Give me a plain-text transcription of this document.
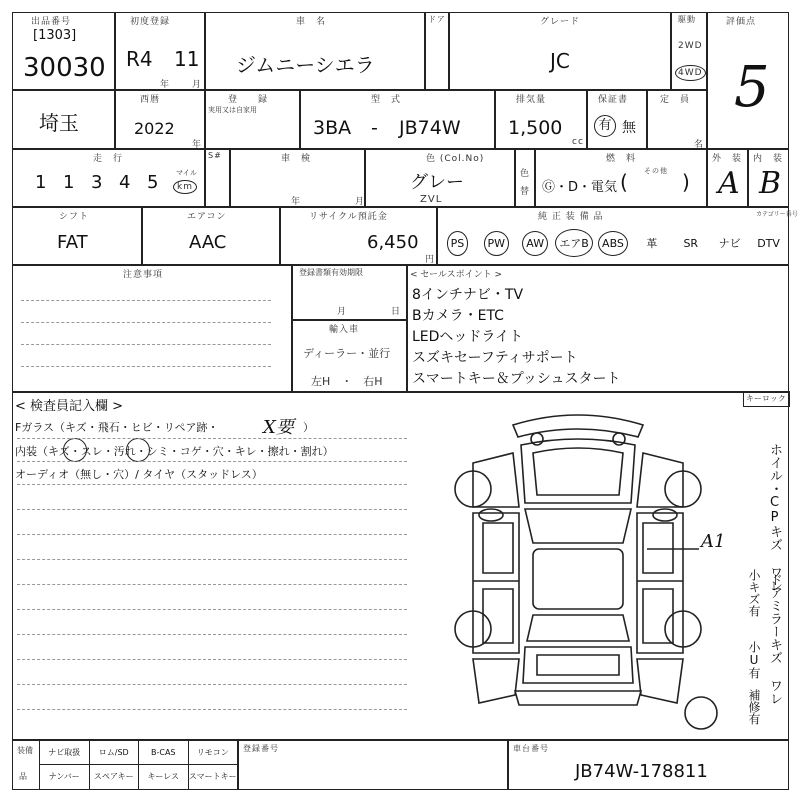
出品番号
[1303]
30030
初度登録
R4 11
年 月
車　名
ジムニーシエラ
ドア	グレード
JC
駆動
2WD
4WD
評価点
5
埼玉
西暦
2022
年
登　　録
実用又は自家用
型　式
3BA - JB74W
排気量
1,500
cc
保証書
有 無
定　員
名
走　行
1 1 3 4 5	マイル
km
S#	車　検
年	月
色 (Col.No)
グレー
ZVL
色
替
燃　料
その他
Ⓖ・D・電気 (	)
外　装
A
内　装
B
シフト
FAT
エアコン
AAC
リサイクル預託金
6,450
円
純 正 装 備 品	カテゴリー番号
PS	PW	AW	エアB	ABS	革 SR ナビ DTV
注意事項	登録書類有効期限
月	日
輸入車
ディーラー・並行
左H　・　右H
< セールスポイント >
8インチナビ・TV
Bカメラ・ETC
LEDヘッドライト
スズキセーフティサポート
スマートキー＆プッシュスタート
< 検査員記入欄 >
Fガラス（キズ・飛石・ヒビ・リペア跡・ X要 ）
内装（キズ・スレ・汚れ・シミ・コゲ・穴・キレ・擦れ・割れ）
オーディオ（無し・穴）/ タイヤ（スタッドレス）
A1
キーロック
ホイル・CPキズ ワレ
ドアミラーキズ ワレ
小キズ有
小U有
補修有
装備
品
ナビ取扱	ロム/SD	B-CAS	リモコン
ナンバー	スペアキー	キーレス	スマートキー
登録番号	車台番号
JB74W-178811
